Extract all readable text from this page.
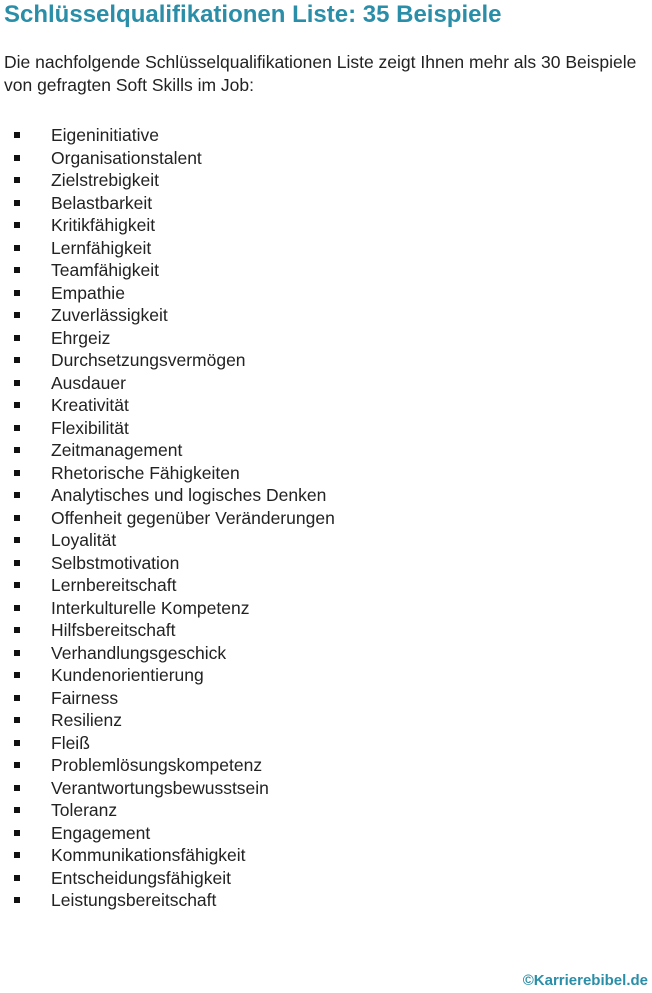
Schlüsselqualifikationen Liste: 35 Beispiele

Die nachfolgende Schlüsselqualifikationen Liste zeigt Ihnen mehr als 30 Beispiele von gefragten Soft Skills im Job:

Eigeninitiative
Organisationstalent
Zielstrebigkeit
Belastbarkeit
Kritikfähigkeit
Lernfähigkeit
Teamfähigkeit
Empathie
Zuverlässigkeit
Ehrgeiz
Durchsetzungsvermögen
Ausdauer
Kreativität
Flexibilität
Zeitmanagement
Rhetorische Fähigkeiten
Analytisches und logisches Denken
Offenheit gegenüber Veränderungen
Loyalität
Selbstmotivation
Lernbereitschaft
Interkulturelle Kompetenz
Hilfsbereitschaft
Verhandlungsgeschick
Kundenorientierung
Fairness
Resilienz
Fleiß
Problemlösungskompetenz
Verantwortungsbewusstsein
Toleranz
Engagement
Kommunikationsfähigkeit
Entscheidungsfähigkeit
Leistungsbereitschaft
©Karrierebibel.de
